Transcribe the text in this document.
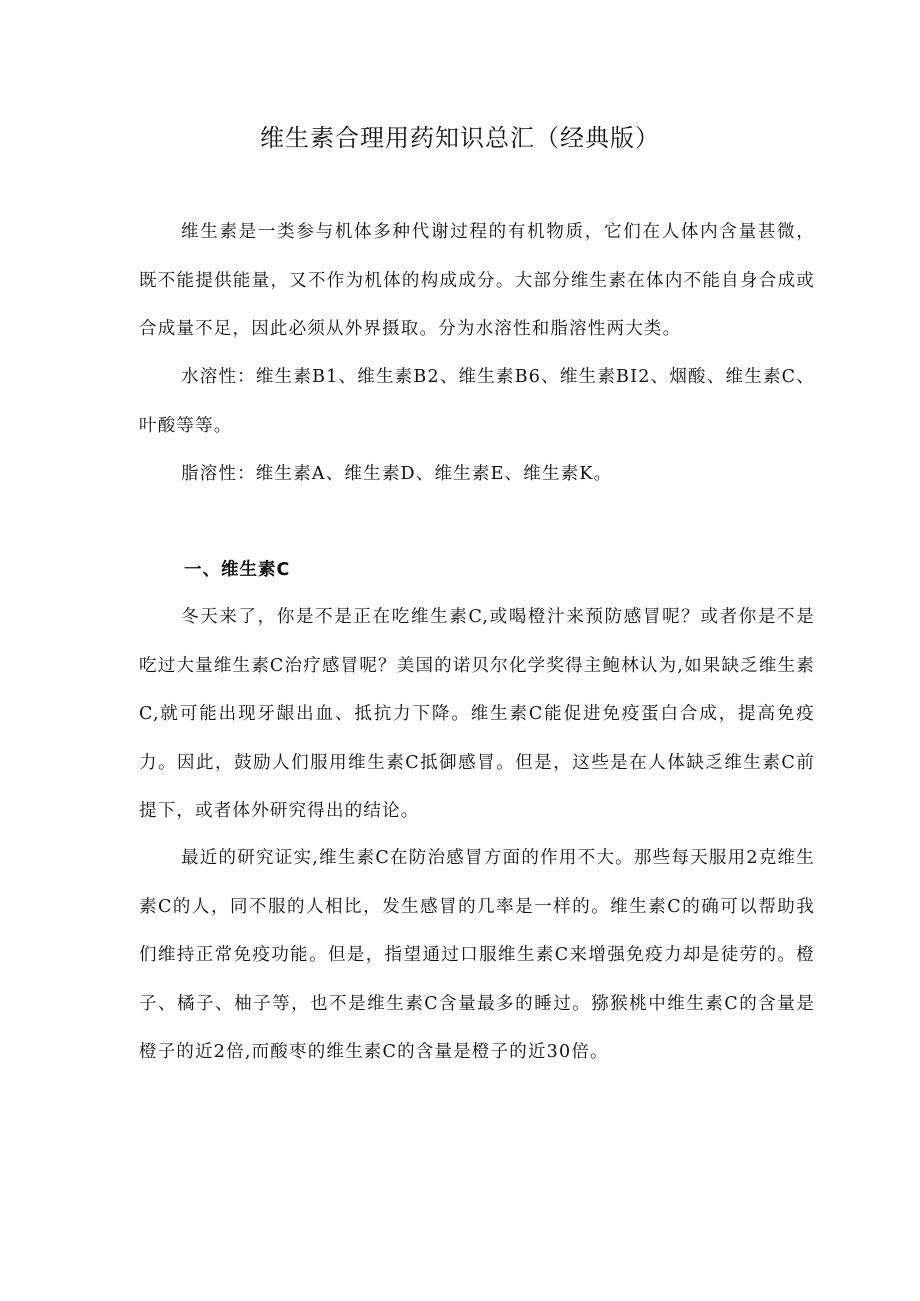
维生素合理用药知识总汇（经典版）

维生素是一类参与机体多种代谢过程的有机物质，它们在人体内含量甚微，既不能提供能量，又不作为机体的构成成分。大部分维生素在体内不能自身合成或合成量不足，因此必须从外界摄取。分为水溶性和脂溶性两大类。

水溶性：维生素B1、维生素B2、维生素B6、维生素BI2、烟酸、维生素C、叶酸等等。

脂溶性：维生素A、维生素D、维生素E、维生素K。

一、维生素C

冬天来了，你是不是正在吃维生素C,或喝橙汁来预防感冒呢？或者你是不是吃过大量维生素C治疗感冒呢？美国的诺贝尔化学奖得主鲍林认为,如果缺乏维生素C,就可能出现牙龈出血、抵抗力下降。维生素C能促进免疫蛋白合成，提高免疫力。因此，鼓励人们服用维生素C抵御感冒。但是，这些是在人体缺乏维生素C前提下，或者体外研究得出的结论。

最近的研究证实,维生素C在防治感冒方面的作用不大。那些每天服用2克维生素C的人，同不服的人相比，发生感冒的几率是一样的。维生素C的确可以帮助我们维持正常免疫功能。但是，指望通过口服维生素C来增强免疫力却是徒劳的。橙子、橘子、柚子等，也不是维生素C含量最多的睡过。猕猴桃中维生素C的含量是橙子的近2倍,而酸枣的维生素C的含量是橙子的近30倍。
